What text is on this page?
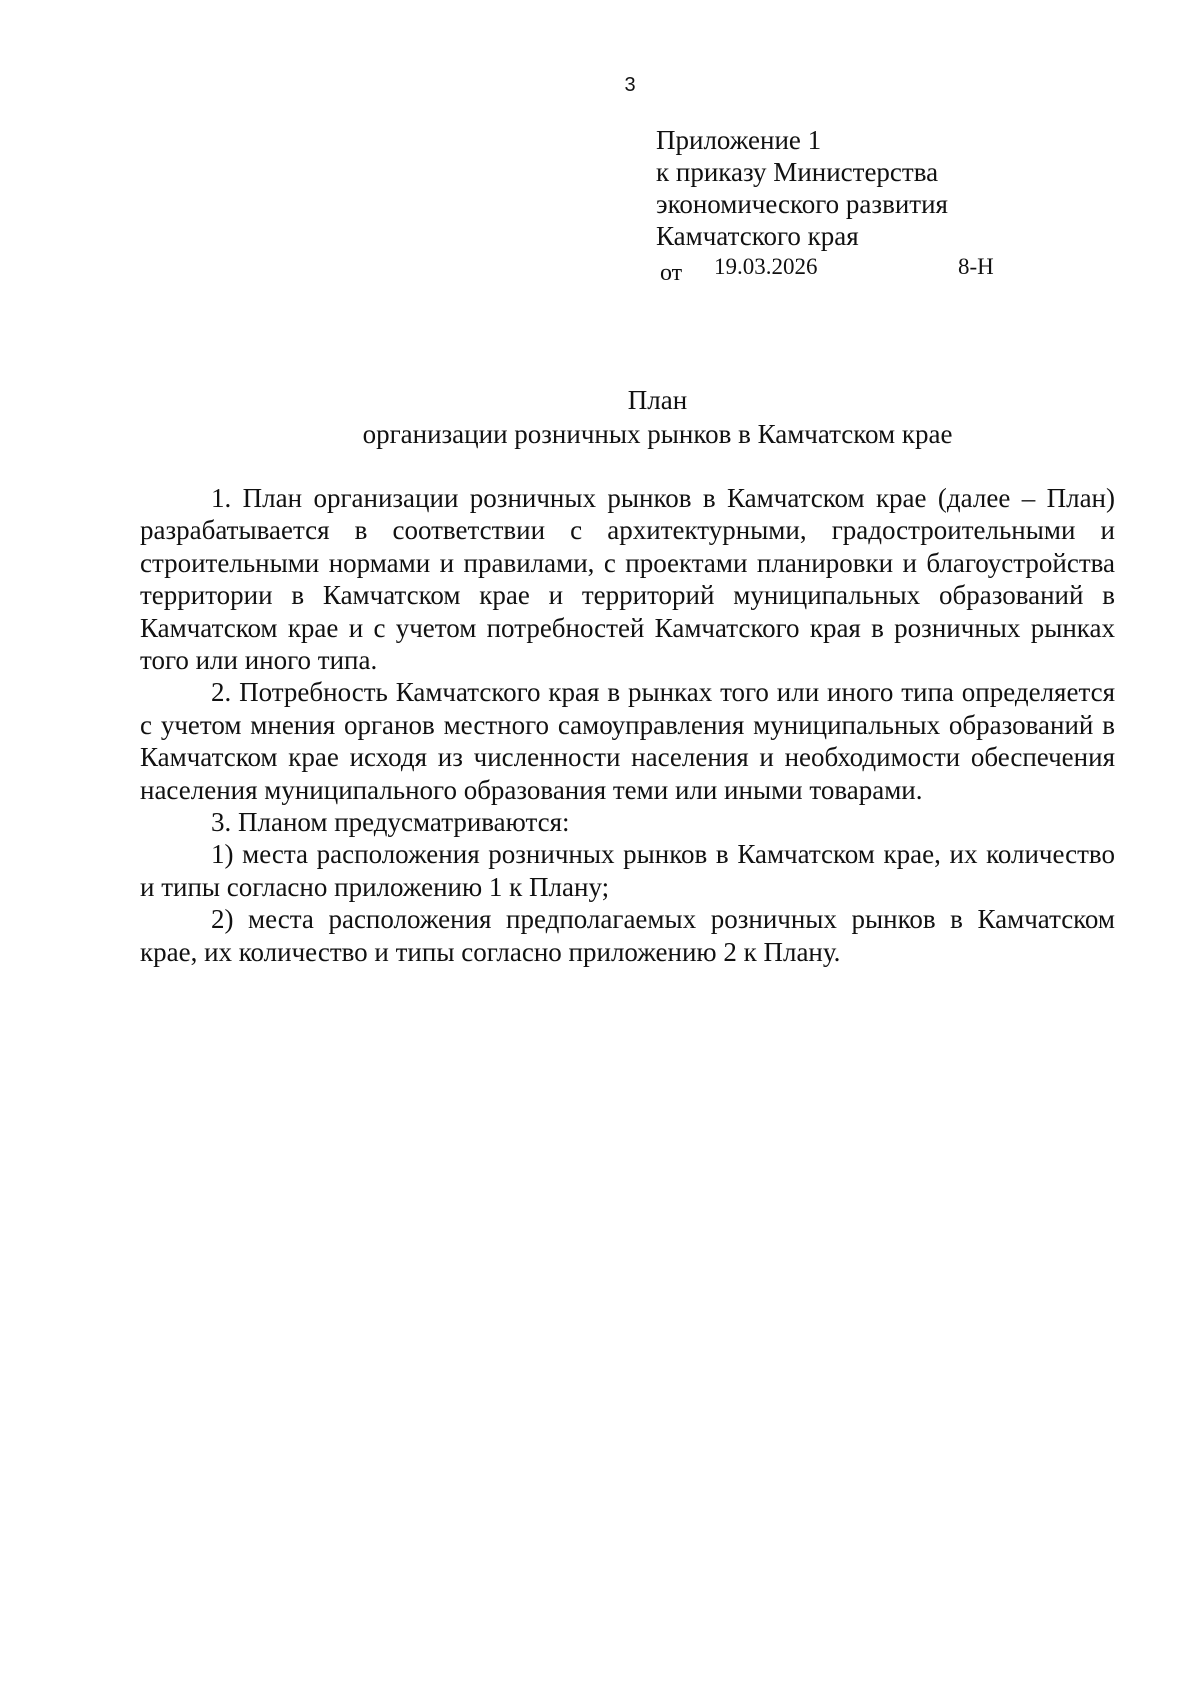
3
Приложение 1
к приказу Министерства
экономического развития
Камчатского края
от 19.03.2026	8-Н
План
организации розничных рынков в Камчатском крае

1. План организации розничных рынков в Камчатском крае (далее – План) разрабатывается в соответствии с архитектурными, градостроительными и строительными нормами и правилами, с проектами планировки и благоустройства территории в Камчатском крае и территорий муниципальных образований в Камчатском крае и с учетом потребностей Камчатского края в розничных рынках того или иного типа.

2. Потребность Камчатского края в рынках того или иного типа определяется с учетом мнения органов местного самоуправления муниципальных образований в Камчатском крае исходя из численности населения и необходимости обеспечения населения муниципального образования теми или иными товарами.

3. Планом предусматриваются:

1) места расположения розничных рынков в Камчатском крае, их количество и типы согласно приложению 1 к Плану;

2) места расположения предполагаемых розничных рынков в Камчатском крае, их количество и типы согласно приложению 2 к Плану.
